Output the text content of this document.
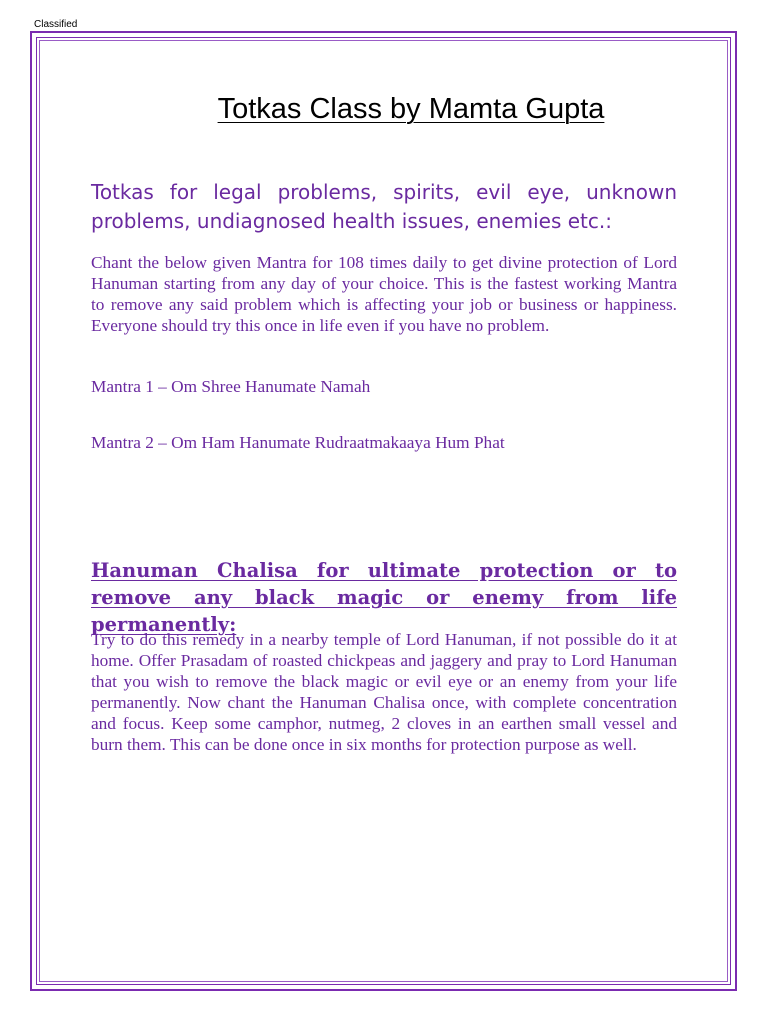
Classified
Totkas Class by Mamta Gupta
Totkas for legal problems, spirits, evil eye, unknown problems, undiagnosed health issues, enemies etc.:

Chant the below given Mantra for 108 times daily to get divine protection of Lord Hanuman starting from any day of your choice. This is the fastest working Mantra to remove any said problem which is affecting your job or business or happiness. Everyone should try this once in life even if you have no problem.

Mantra 1 – Om Shree Hanumate Namah

Mantra 2 – Om Ham Hanumate Rudraatmakaaya Hum Phat

Hanuman Chalisa for ultimate protection or to remove any black magic or enemy from life permanently:

Try to do this remedy in a nearby temple of Lord Hanuman, if not possible do it at home. Offer Prasadam of roasted chickpeas and jaggery and pray to Lord Hanuman that you wish to remove the black magic or evil eye or an enemy from your life permanently. Now chant the Hanuman Chalisa once, with complete concentration and focus. Keep some camphor, nutmeg, 2 cloves in an earthen small vessel and burn them. This can be done once in six months for protection purpose as well.
